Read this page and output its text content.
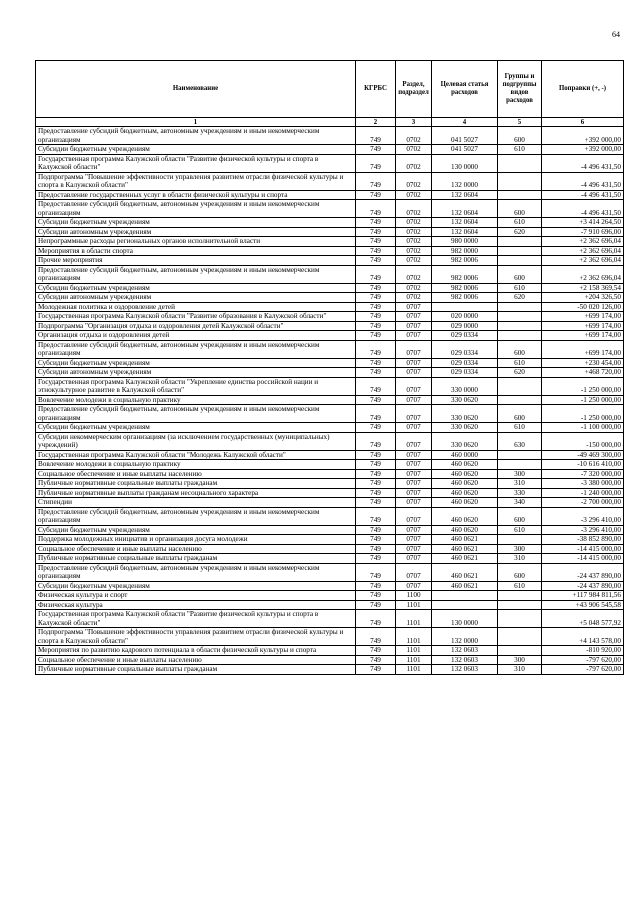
64
Наименование	КГРБС	Раздел, подраздел	Целевая статья расходов	Группы и подгруппы видов расходов	Поправки (+, -)
1	2	3	4	5	6
Предоставление субсидий бюджетным, автономным учреждениям и иным некоммерческим организациям	749	0702	041 5027	600	+392 000,00
Субсидии бюджетным учреждениям	749	0702	041 5027	610	+392 000,00
Государственная программа Калужской области "Развитие физической культуры и спорта в Калужской области"	749	0702	130 0000		-4 496 431,50
Подпрограмма "Повышение эффективности управления развитием отрасли физической культуры и спорта в Калужской области"	749	0702	132 0000		-4 496 431,50
Предоставление государственных услуг в области физической культуры и спорта	749	0702	132 0604		-4 496 431,50
Предоставление субсидий бюджетным, автономным учреждениям и иным некоммерческим организациям	749	0702	132 0604	600	-4 496 431,50
Субсидии бюджетным учреждениям	749	0702	132 0604	610	+3 414 264,50
Субсидии автономным учреждениям	749	0702	132 0604	620	-7 910 696,00
Непрограммные расходы региональных органов исполнительной власти	749	0702	980 0000		+2 362 696,04
Мероприятия в области спорта	749	0702	982 0000		+2 362 696,04
Прочие мероприятия	749	0702	982 0006		+2 362 696,04
Предоставление субсидий бюджетным, автономным учреждениям и иным некоммерческим организациям	749	0702	982 0006	600	+2 362 696,04
Субсидии бюджетным учреждениям	749	0702	982 0006	610	+2 158 369,54
Субсидии автономным учреждениям	749	0702	982 0006	620	+204 326,50
Молодежная политика и оздоровление детей	749	0707			-50 020 126,00
Государственная программа Калужской области "Развитие образования в Калужской области"	749	0707	020 0000		+699 174,00
Подпрограмма "Организация отдыха и оздоровления детей Калужской области"	749	0707	029 0000		+699 174,00
Организация отдыха и оздоровления детей	749	0707	029 0334		+699 174,00
Предоставление субсидий бюджетным, автономным учреждениям и иным некоммерческим организациям	749	0707	029 0334	600	+699 174,00
Субсидии бюджетным учреждениям	749	0707	029 0334	610	+230 454,00
Субсидии автономным учреждениям	749	0707	029 0334	620	+468 720,00
Государственная программа Калужской области "Укрепление единства российской нации и этнокультурное развитие в Калужской области"	749	0707	330 0000		-1 250 000,00
Вовлечение молодежи в социальную практику	749	0707	330 0620		-1 250 000,00
Предоставление субсидий бюджетным, автономным учреждениям и иным некоммерческим организациям	749	0707	330 0620	600	-1 250 000,00
Субсидии бюджетным учреждениям	749	0707	330 0620	610	-1 100 000,00
Субсидии некоммерческим организациям (за исключением государственных (муниципальных) учреждений)	749	0707	330 0620	630	-150 000,00
Государственная программа Калужской области "Молодежь Калужской области"	749	0707	460 0000		-49 469 300,00
Вовлечение молодежи в социальную практику	749	0707	460 0620		-10 616 410,00
Социальное обеспечение и иные выплаты населению	749	0707	460 0620	300	-7 320 000,00
Публичные нормативные социальные выплаты гражданам	749	0707	460 0620	310	-3 380 000,00
Публичные нормативные выплаты гражданам несоциального характера	749	0707	460 0620	330	-1 240 000,00
Стипендии	749	0707	460 0620	340	-2 700 000,00
Предоставление субсидий бюджетным, автономным учреждениям и иным некоммерческим организациям	749	0707	460 0620	600	-3 296 410,00
Субсидии бюджетным учреждениям	749	0707	460 0620	610	-3 296 410,00
Поддержка молодежных инициатив и организация досуга молодежи	749	0707	460 0621		-38 852 890,00
Социальное обеспечение и иные выплаты населению	749	0707	460 0621	300	-14 415 000,00
Публичные нормативные социальные выплаты гражданам	749	0707	460 0621	310	-14 415 000,00
Предоставление субсидий бюджетным, автономным учреждениям и иным некоммерческим организациям	749	0707	460 0621	600	-24 437 890,00
Субсидии бюджетным учреждениям	749	0707	460 0621	610	-24 437 890,00
Физическая культура и спорт	749	1100			+117 984 811,56
Физическая культура	749	1101			+43 906 545,58
Государственная программа Калужской области "Развитие физической культуры и спорта в Калужской области"	749	1101	130 0000		+5 048 577,92
Подпрограмма "Повышение эффективности управления развитием отрасли физической культуры и спорта в Калужской области"	749	1101	132 0000		+4 143 578,00
Мероприятия по развитию кадрового потенциала в области физической культуры и спорта	749	1101	132 0603		-810 920,00
Социальное обеспечение и иные выплаты населению	749	1101	132 0603	300	-797 620,00
Публичные нормативные социальные выплаты гражданам	749	1101	132 0603	310	-797 620,00
